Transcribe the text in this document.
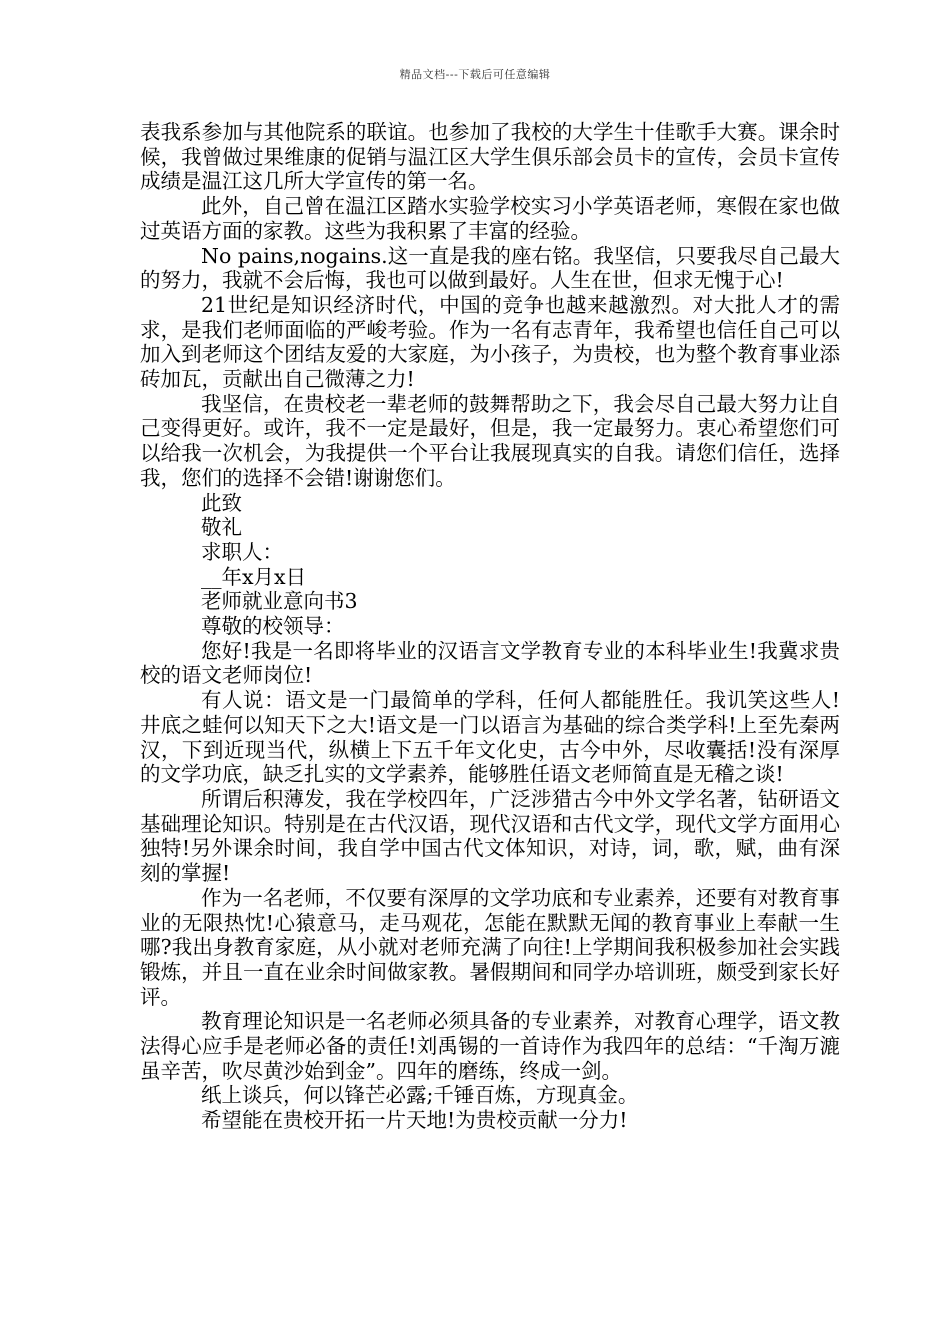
精品文档---下载后可任意编辑

表我系参加与其他院系的联谊。也参加了我校的大学生十佳歌手大赛。课余时候，我曾做过果维康的促销与温江区大学生俱乐部会员卡的宣传，会员卡宣传成绩是温江这几所大学宣传的第一名。

此外，自己曾在温江区踏水实验学校实习小学英语老师，寒假在家也做过英语方面的家教。这些为我积累了丰富的经验。

No pains,nogains.这一直是我的座右铭。我坚信，只要我尽自己最大的努力，我就不会后悔，我也可以做到最好。人生在世，但求无愧于心!

21世纪是知识经济时代，中国的竞争也越来越激烈。对大批人才的需求，是我们老师面临的严峻考验。作为一名有志青年，我希望也信任自己可以加入到老师这个团结友爱的大家庭，为小孩子，为贵校，也为整个教育事业添砖加瓦，贡献出自己微薄之力!

我坚信，在贵校老一辈老师的鼓舞帮助之下，我会尽自己最大努力让自己变得更好。或许，我不一定是最好，但是，我一定最努力。衷心希望您们可以给我一次机会，为我提供一个平台让我展现真实的自我。请您们信任，选择我，您们的选择不会错!谢谢您们。

此致

敬礼

求职人：

__年x月x日

老师就业意向书3

尊敬的校领导：

您好!我是一名即将毕业的汉语言文学教育专业的本科毕业生!我冀求贵校的语文老师岗位!

有人说：语文是一门最简单的学科，任何人都能胜任。我讥笑这些人!井底之蛙何以知天下之大!语文是一门以语言为基础的综合类学科!上至先秦两汉，下到近现当代，纵横上下五千年文化史，古今中外，尽收囊括!没有深厚的文学功底，缺乏扎实的文学素养，能够胜任语文老师简直是无稽之谈!

所谓后积薄发，我在学校四年，广泛涉猎古今中外文学名著，钻研语文基础理论知识。特别是在古代汉语，现代汉语和古代文学，现代文学方面用心独特!另外课余时间，我自学中国古代文体知识，对诗，词，歌，赋，曲有深刻的掌握!

作为一名老师，不仅要有深厚的文学功底和专业素养，还要有对教育事业的无限热忱!心猿意马，走马观花，怎能在默默无闻的教育事业上奉献一生哪?我出身教育家庭，从小就对老师充满了向往!上学期间我积极参加社会实践锻炼，并且一直在业余时间做家教。暑假期间和同学办培训班，颇受到家长好评。

教育理论知识是一名老师必须具备的专业素养，对教育心理学，语文教法得心应手是老师必备的责任!刘禹锡的一首诗作为我四年的总结：“千淘万漉虽辛苦，吹尽黄沙始到金”。四年的磨练，终成一剑。

纸上谈兵，何以锋芒必露;千锤百炼，方现真金。

希望能在贵校开拓一片天地!为贵校贡献一分力!
